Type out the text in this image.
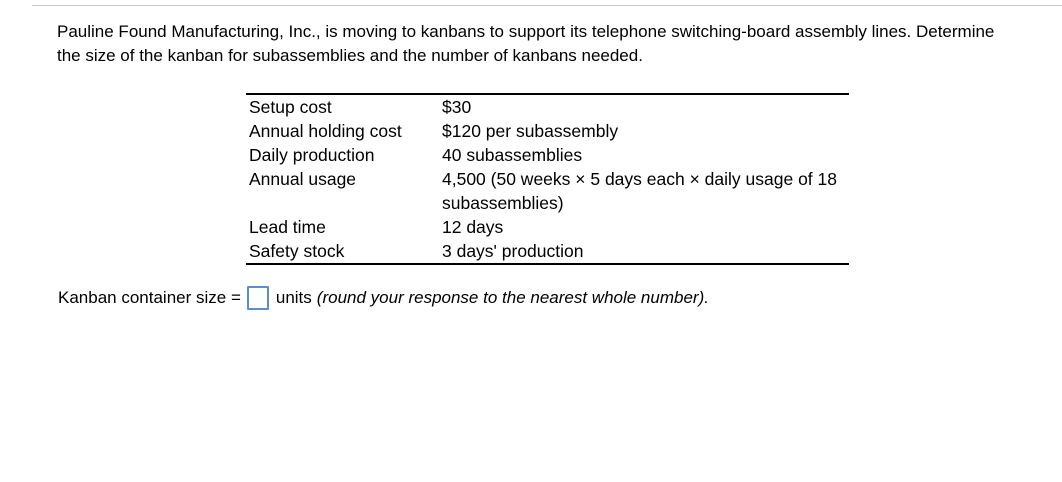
Pauline Found Manufacturing, Inc., is moving to kanbans to support its telephone switching-board assembly lines. Determine the size of the kanban for subassemblies and the number of kanbans needed.

Setup cost	$30
Annual holding cost	$120 per subassembly
Daily production	40 subassemblies
Annual usage	4,500 (50 weeks × 5 days each × daily usage of 18 subassemblies)
Lead time	12 days
Safety stock	3 days' production
Kanban container size = units (round your response to the nearest whole number).
